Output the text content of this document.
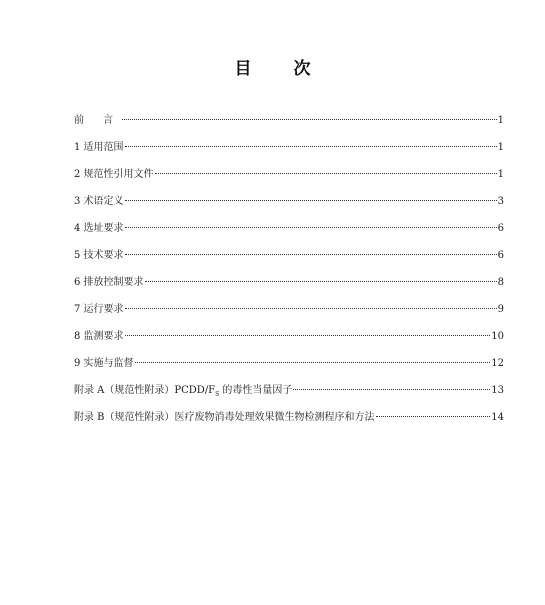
目 次
前 言	1
1 适用范围	1
2 规范性引用文件	1
3 术语定义	3
4 选址要求	6
5 技术要求	6
6 排放控制要求	8
7 运行要求	9
8 监测要求	10
9 实施与监督	12
附录 A（规范性附录）$PCDD/F_S$ 的毒性当量因子	13
附录 B（规范性附录）医疗废物消毒处理效果微生物检测程序和方法	14
